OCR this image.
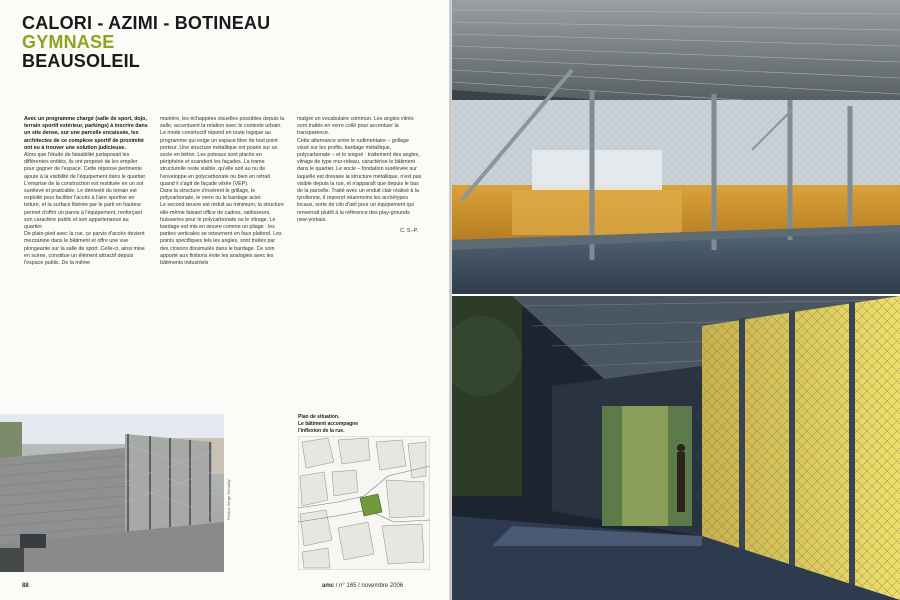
CALORI - AZIMI - BOTINEAU
GYMNASE
BEAUSOLEIL

Avec un programme chargé (salle de sport, dojo, terrain sportif extérieur, parkings) à inscrire dans un site dense, sur une parcelle encaissée, les architectes de ce complexe sportif de proximité ont eu à trouver une solution judicieuse.

Alors que l'étude de faisabilité juxtaposait les différentes entités, ils ont proposé de les empiler pour gagner de l'espace. Cette réponse pertinente ajoute à la visibilité de l'équipement dans le quartier.

L'emprise de la construction est restituée en un sol surélevé et praticable. Le dénivelé du terrain est exploité pour faciliter l'accès à l'aire sportive en toiture, et la surface libérée par le parti en hauteur permet d'offrir un parvis à l'équipement, renforçant son caractère public et son appartenance au quartier.

De plain-pied avec la rue, ce parvis d'accès devient mezzanine dans le bâtiment et offre une vue plongeante sur la salle de sport. Celle-ci, ainsi mise en scène, constitue un élément attractif depuis l'espace public. De la même

manière, les échappées visuelles possibles depuis la salle, accentuent la relation avec le contexte urbain.

Le mode constructif répond en toute logique au programme qui exige un espace libre de tout point porteur. Une structure métallique est posée sur un socle en béton. Les poteaux sont placés en périphérie et scandent les façades. La trame structurelle reste visible, qu'elle soit au nu de l'enveloppe en polycarbonate ou bien en retrait quand il s'agit de façade vitrée (VEP).

Dans la structure s'insèrent le grillage, le polycarbonate, le verre ou le bardage acier.

Le second œuvre est réduit au minimum, la structure elle-même faisant office de cadres, raidisseurs, huisseries pour le polycarbonate ou le vitrage. Le bardage est mis en œuvre comme un pliage : les parties verticales se retournent en faux plafond. Les points spécifiques tels les angles, sont traités par des closoirs dissimulés dans le bardage. Ce soin apporté aux finitions évite les analogies avec les bâtiments industriels

malgré un vocabulaire commun. Les angles vitrés sont traités en verre collé pour accentuer la transparence.

Cette alternance entre le rudimentaire – grillage vissé sur les profils, bardage métallique, polycarbonate – et le soigné : traitement des angles, vitrage de type mur-rideau, caractérise le bâtiment dans le quartier. Le socle – fondation surélevée sur laquelle est dressée la structure métallique, n'est pas visible depuis la rue, et n'apparaît que depuis le bas de la parcelle. Traité avec un enduit clair réalisé à la tyrolienne, il reprend néanmoins les archétypes locaux, sorte de clin d'œil pour un équipement qui renverrait plutôt à la référence des play-grounds new-yorkais.

C. S.-P.

Photos Serge Demailly
Plan de situation.
Le bâtiment accompagne
l'inflexion de la rue.
88	amc / n° 165 / novembre 2006
